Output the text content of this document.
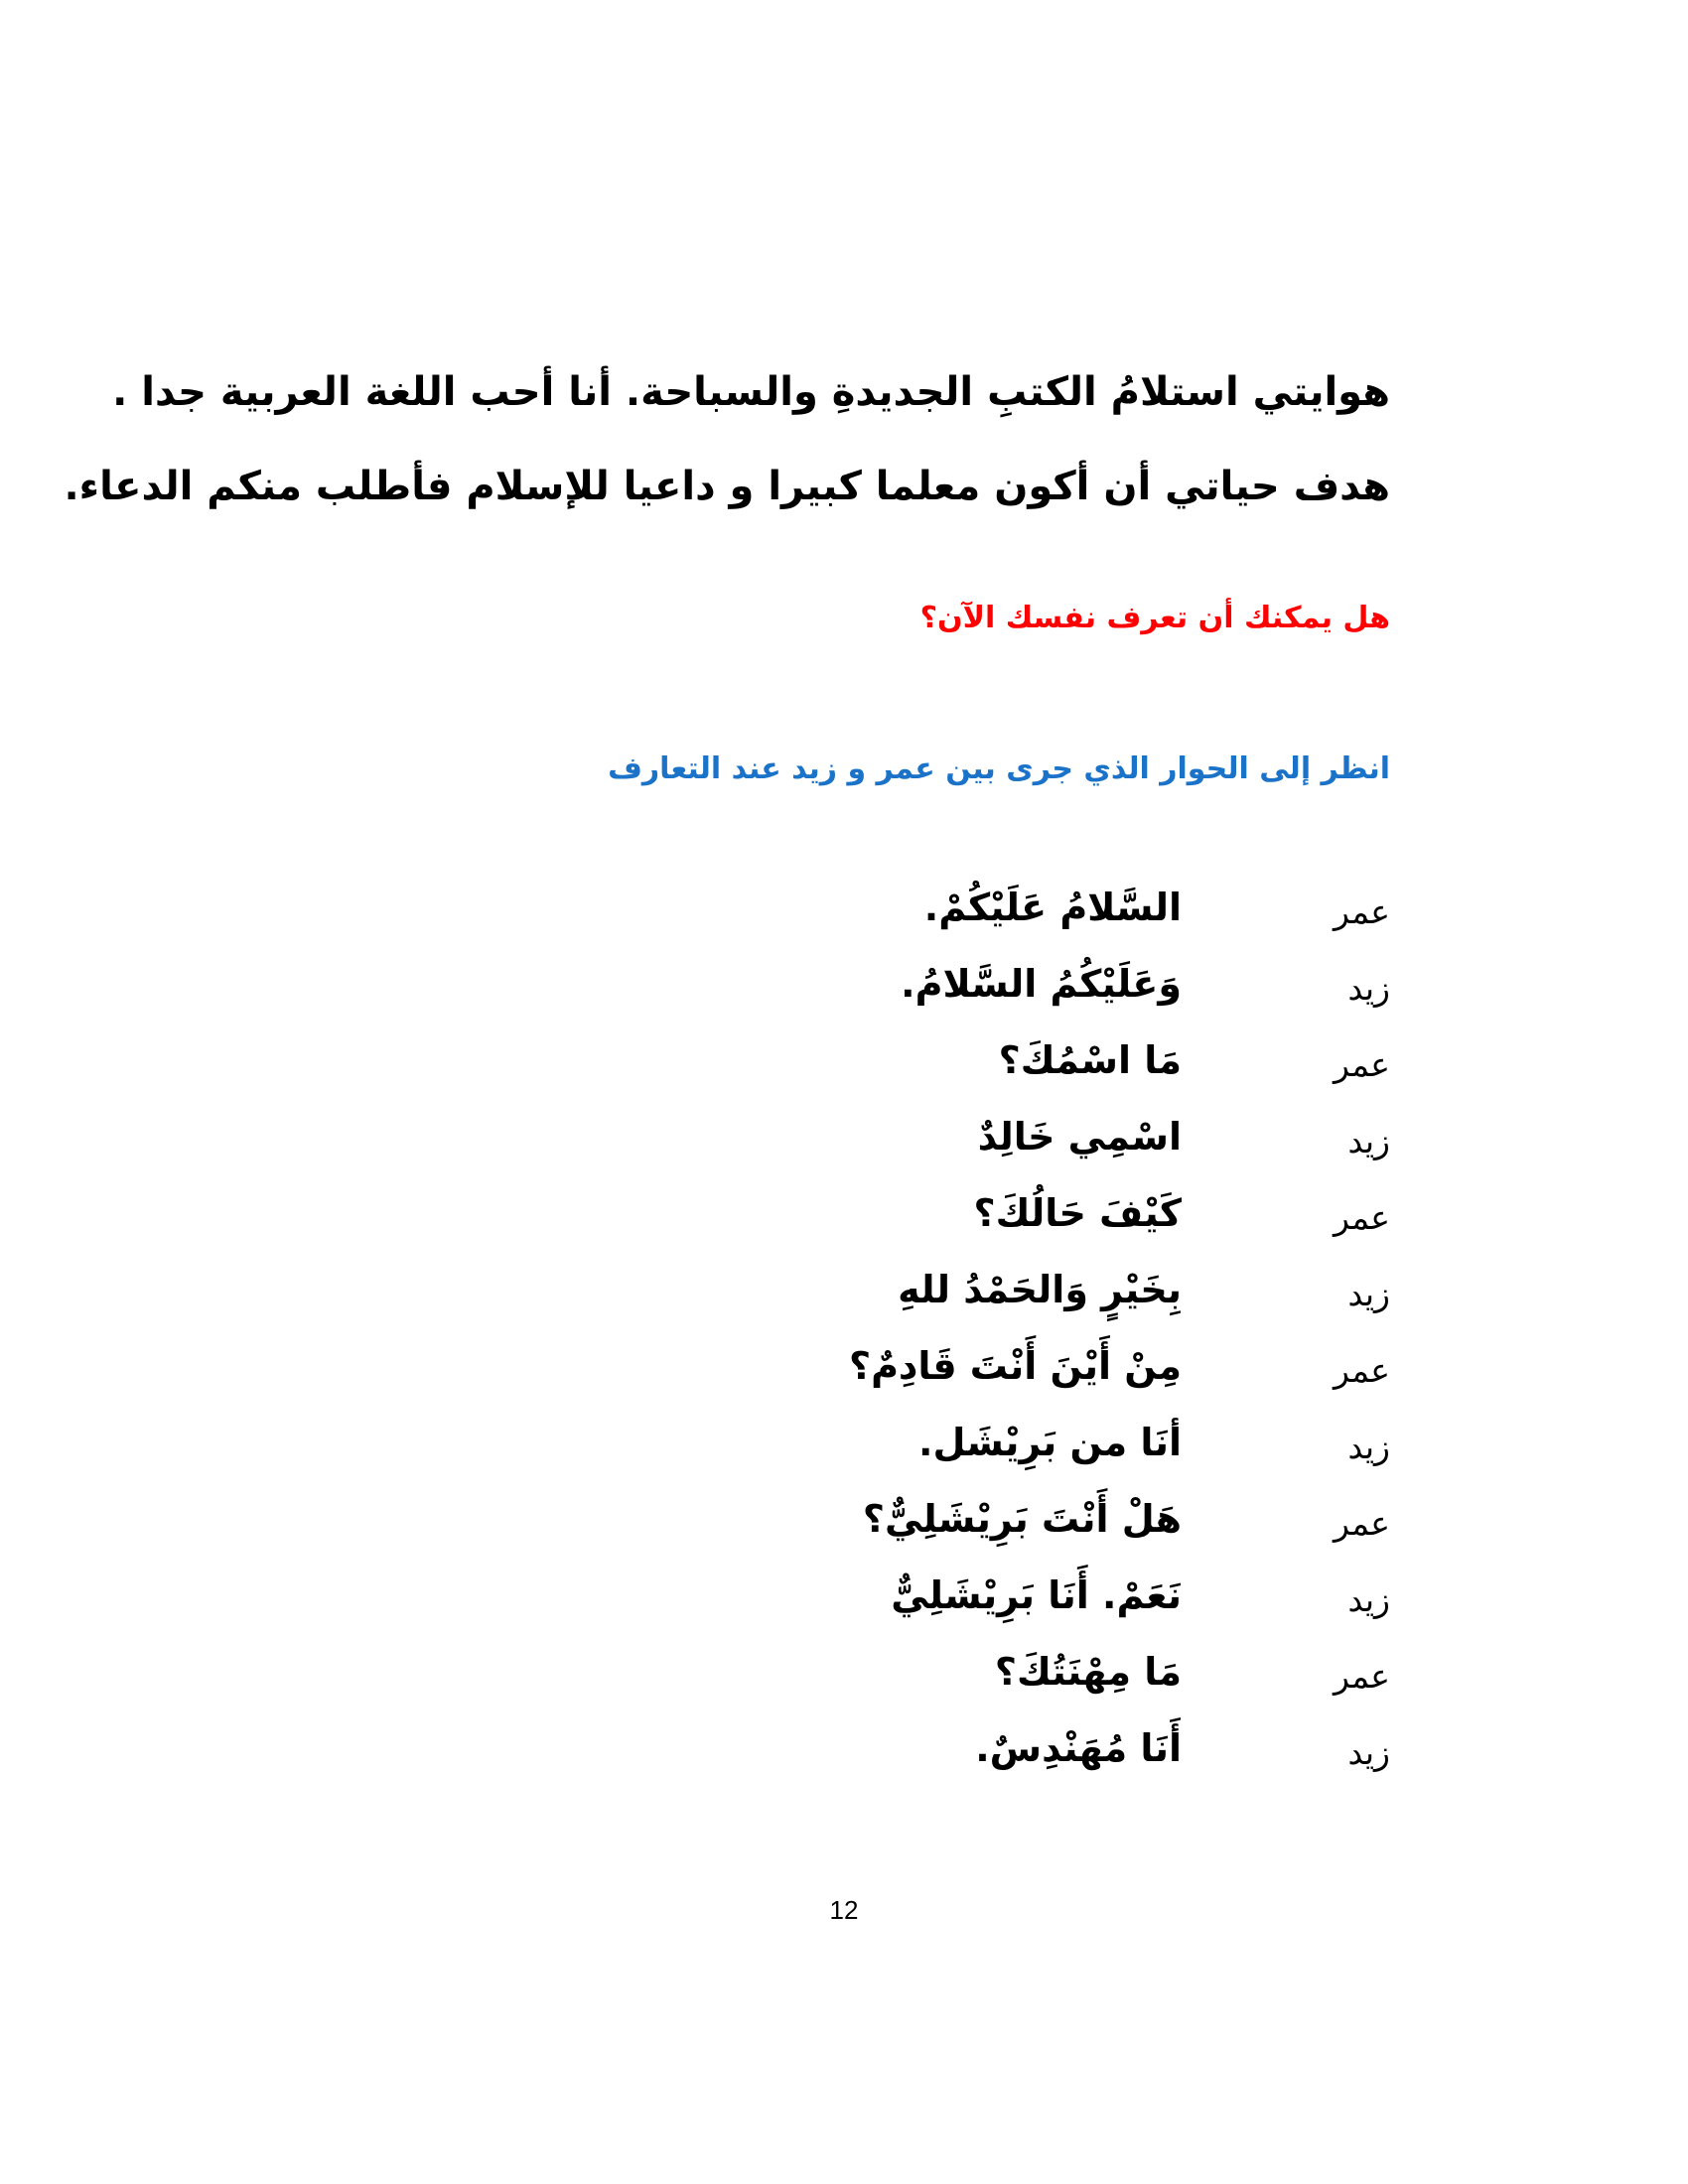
هوايتي استلامُ الكتبِ الجديدةِ والسباحة. أنا أحب اللغة العربية جدا .
هدف حياتي أن أكون معلما كبيرا و داعيا للإسلام فأطلب منكم الدعاء.
هل يمكنك أن تعرف نفسك الآن؟
انظر إلى الحوار الذي جرى بين عمر و زيد عند التعارف
عمر
السَّلامُ عَلَيْكُمْ.
زيد
وَعَلَيْكُمُ السَّلامُ.
عمر
مَا اسْمُكَ؟
زيد
اسْمِي خَالِدٌ
عمر
كَيْفَ حَالُكَ؟
زيد
بِخَيْرٍ وَالحَمْدُ للهِ
عمر
مِنْ أَيْنَ أَنْتَ قَادِمٌ؟
زيد
أنَا من بَرِيْشَل.
عمر
هَلْ أَنْتَ بَرِيْشَلِيٌّ؟
زيد
نَعَمْ. أَنَا بَرِيْشَلِيٌّ
عمر
مَا مِهْنَتُكَ؟
زيد
أَنَا مُهَنْدِسٌ.
12
